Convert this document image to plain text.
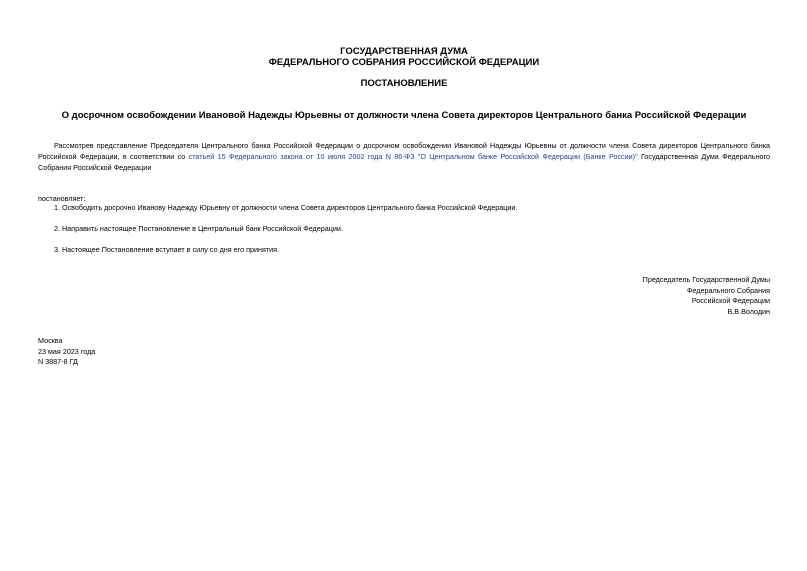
ГОСУДАРСТВЕННАЯ ДУМА
ФЕДЕРАЛЬНОГО СОБРАНИЯ РОССИЙСКОЙ ФЕДЕРАЦИИ
ПОСТАНОВЛЕНИЕ
О досрочном освобождении Ивановой Надежды Юрьевны от должности члена Совета директоров Центрального банка Российской Федерации
Рассмотрев представление Председателя Центрального банка Российской Федерации о досрочном освобождении Ивановой Надежды Юрьевны от должности члена Совета директоров Центрального банка Российской Федерации, в соответствии со статьей 15 Федерального закона от 10 июля 2002 года N 86-ФЗ "О Центральном банке Российской Федерации (Банке России)" Государственная Дума Федерального Собрания Российской Федерации
постановляет:
1. Освободить досрочно Иванову Надежду Юрьевну от должности члена Совета директоров Центрального банка Российской Федерации.
2. Направить настоящее Постановление в Центральный банк Российской Федерации.
3. Настоящее Постановление вступает в силу со дня его принятия.
Председатель Государственной Думы
Федерального Собрания
Российской Федерации
В.В.Володин
Москва
23 мая 2023 года
N 3887-8 ГД
